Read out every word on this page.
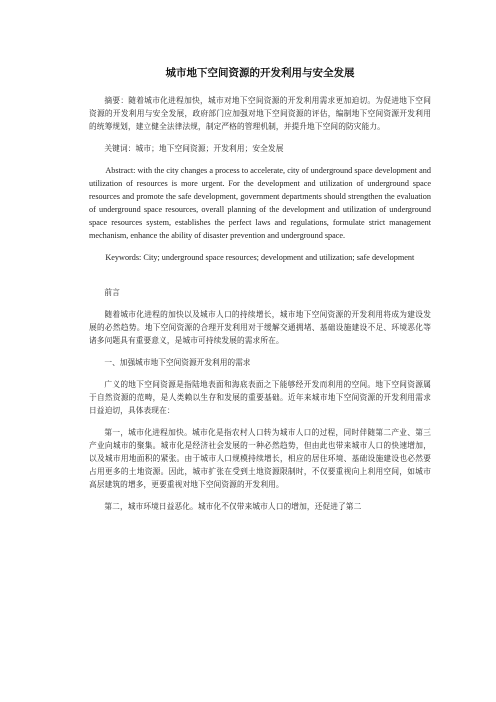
城市地下空间资源的开发利用与安全发展

摘要：随着城市化进程加快，城市对地下空间资源的开发利用需求更加迫切。为促进地下空间资源的开发利用与安全发展，政府部门应加强对地下空间资源的评估，编制地下空间资源开发利用的统筹规划，建立健全法律法规，制定严格的管理机制，并提升地下空间的防灾能力。

关键词：城市；地下空间资源；开发利用；安全发展

Abstract: with the city changes a process to accelerate, city of underground space development and utilization of resources is more urgent. For the development and utilization of underground space resources and promote the safe development, government departments should strengthen the evaluation of underground space resources, overall planning of the development and utilization of underground space resources system, establishes the perfect laws and regulations, formulate strict management mechanism, enhance the ability of disaster prevention and underground space.

Keywords: City; underground space resources; development and utilization; safe development

前言

随着城市化进程的加快以及城市人口的持续增长，城市地下空间资源的开发利用将成为建设发展的必然趋势。地下空间资源的合理开发利用对于缓解交通拥堵、基础设施建设不足、环境恶化等诸多问题具有重要意义，是城市可持续发展的需求所在。

一、加强城市地下空间资源开发利用的需求

广义的地下空间资源是指陆地表面和海底表面之下能够经开发而利用的空间。地下空间资源属于自然资源的范畴，是人类赖以生存和发展的重要基础。近年来城市地下空间资源的开发利用需求日益迫切，具体表现在：

第一，城市化进程加快。城市化是指农村人口转为城市人口的过程，同时伴随第二产业、第三产业向城市的聚集。城市化是经济社会发展的一种必然趋势，但由此也带来城市人口的快速增加，以及城市用地面积的紧张。由于城市人口规模持续增长，相应的居住环境、基础设施建设也必然要占用更多的土地资源。因此，城市扩张在受到土地资源限制时，不仅要重视向上利用空间，如城市高层建筑的增多，更要重视对地下空间资源的开发利用。

第二，城市环境日益恶化。城市化不仅带来城市人口的增加，还促进了第二
